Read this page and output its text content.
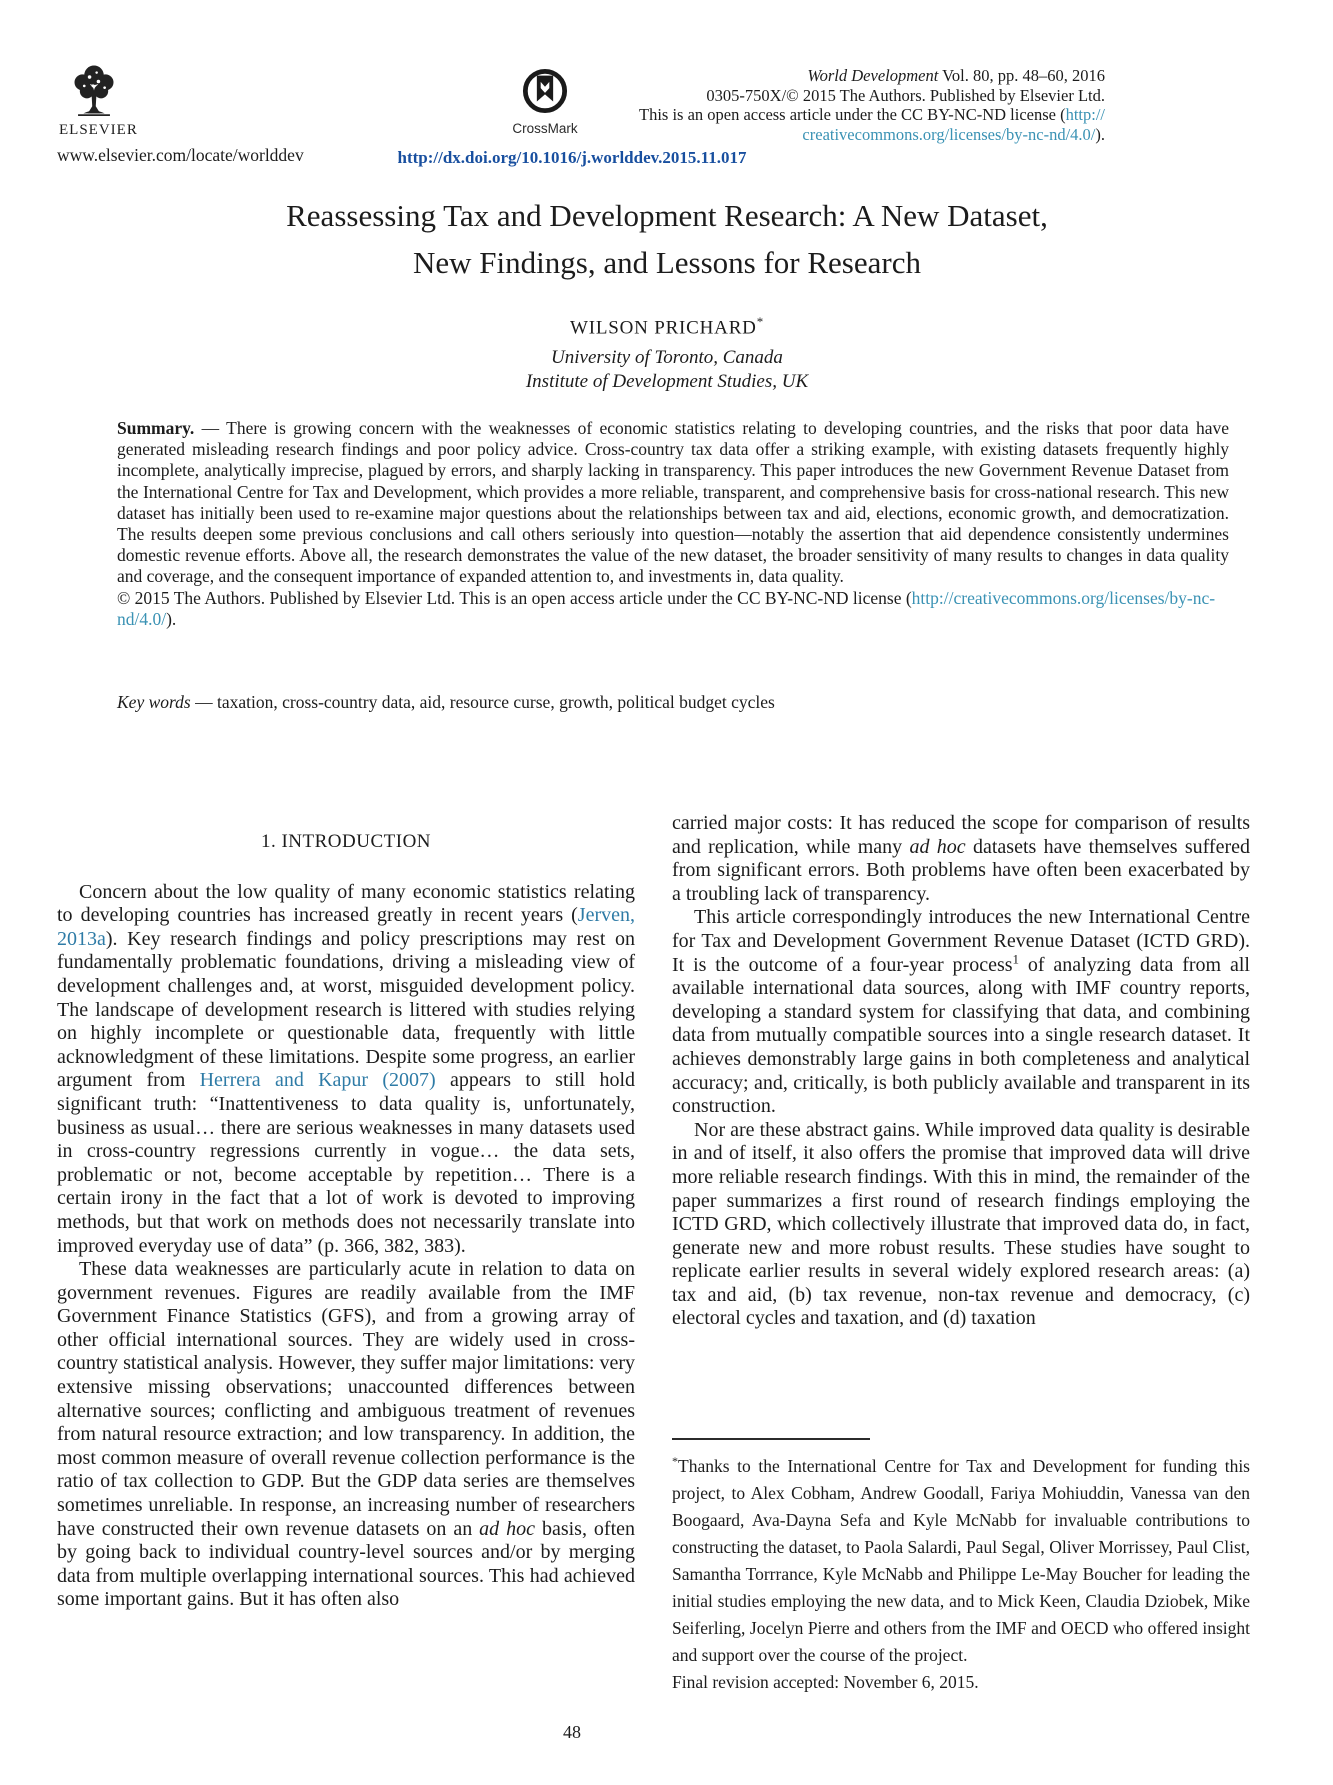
ELSEVIER
www.elsevier.com/locate/worlddev
CrossMark
World Development Vol. 80, pp. 48–60, 2016
0305-750X/© 2015 The Authors. Published by Elsevier Ltd.
This is an open access article under the CC BY-NC-ND license (http://
creativecommons.org/licenses/by-nc-nd/4.0/).
http://dx.doi.org/10.1016/j.worlddev.2015.11.017
Reassessing Tax and Development Research: A New Dataset,
New Findings, and Lessons for Research
WILSON PRICHARD*
University of Toronto, Canada
Institute of Development Studies, UK
Summary. — There is growing concern with the weaknesses of economic statistics relating to developing countries, and the risks that poor data have generated misleading research findings and poor policy advice. Cross-country tax data offer a striking example, with existing datasets frequently highly incomplete, analytically imprecise, plagued by errors, and sharply lacking in transparency. This paper introduces the new Government Revenue Dataset from the International Centre for Tax and Development, which provides a more reliable, transparent, and comprehensive basis for cross-national research. This new dataset has initially been used to re-examine major questions about the relationships between tax and aid, elections, economic growth, and democratization. The results deepen some previous conclusions and call others seriously into question—notably the assertion that aid dependence consistently undermines domestic revenue efforts. Above all, the research demonstrates the value of the new dataset, the broader sensitivity of many results to changes in data quality and coverage, and the consequent importance of expanded attention to, and investments in, data quality.
© 2015 The Authors. Published by Elsevier Ltd. This is an open access article under the CC BY-NC-ND license (http://creativecommons.org/licenses/by-nc-nd/4.0/).
Key words — taxation, cross-country data, aid, resource curse, growth, political budget cycles

1. INTRODUCTION

Concern about the low quality of many economic statistics relating to developing countries has increased greatly in recent years (Jerven, 2013a). Key research findings and policy prescriptions may rest on fundamentally problematic foundations, driving a misleading view of development challenges and, at worst, misguided development policy. The landscape of development research is littered with studies relying on highly incomplete or questionable data, frequently with little acknowledgment of these limitations. Despite some progress, an earlier argument from Herrera and Kapur (2007) appears to still hold significant truth: “Inattentiveness to data quality is, unfortunately, business as usual… there are serious weaknesses in many datasets used in cross-country regressions currently in vogue… the data sets, problematic or not, become acceptable by repetition… There is a certain irony in the fact that a lot of work is devoted to improving methods, but that work on methods does not necessarily translate into improved everyday use of data” (p. 366, 382, 383).

These data weaknesses are particularly acute in relation to data on government revenues. Figures are readily available from the IMF Government Finance Statistics (GFS), and from a growing array of other official international sources. They are widely used in cross-country statistical analysis. However, they suffer major limitations: very extensive missing observations; unaccounted differences between alternative sources; conflicting and ambiguous treatment of revenues from natural resource extraction; and low transparency. In addition, the most common measure of overall revenue collection performance is the ratio of tax collection to GDP. But the GDP data series are themselves sometimes unreliable. In response, an increasing number of researchers have constructed their own revenue datasets on an ad hoc basis, often by going back to individual country-level sources and/or by merging data from multiple overlapping international sources. This had achieved some important gains. But it has often also

carried major costs: It has reduced the scope for comparison of results and replication, while many ad hoc datasets have themselves suffered from significant errors. Both problems have often been exacerbated by a troubling lack of transparency.

This article correspondingly introduces the new International Centre for Tax and Development Government Revenue Dataset (ICTD GRD). It is the outcome of a four-year process$^1$ of analyzing data from all available international data sources, along with IMF country reports, developing a standard system for classifying that data, and combining data from mutually compatible sources into a single research dataset. It achieves demonstrably large gains in both completeness and analytical accuracy; and, critically, is both publicly available and transparent in its construction.

Nor are these abstract gains. While improved data quality is desirable in and of itself, it also offers the promise that improved data will drive more reliable research findings. With this in mind, the remainder of the paper summarizes a first round of research findings employing the ICTD GRD, which collectively illustrate that improved data do, in fact, generate new and more robust results. These studies have sought to replicate earlier results in several widely explored research areas: (a) tax and aid, (b) tax revenue, non-tax revenue and democracy, (c) electoral cycles and taxation, and (d) taxation

*Thanks to the International Centre for Tax and Development for funding this project, to Alex Cobham, Andrew Goodall, Fariya Mohiuddin, Vanessa van den Boogaard, Ava-Dayna Sefa and Kyle McNabb for invaluable contributions to constructing the dataset, to Paola Salardi, Paul Segal, Oliver Morrissey, Paul Clist, Samantha Torrrance, Kyle McNabb and Philippe Le-May Boucher for leading the initial studies employing the new data, and to Mick Keen, Claudia Dziobek, Mike Seiferling, Jocelyn Pierre and others from the IMF and OECD who offered insight and support over the course of the project.

Final revision accepted: November 6, 2015.

48
